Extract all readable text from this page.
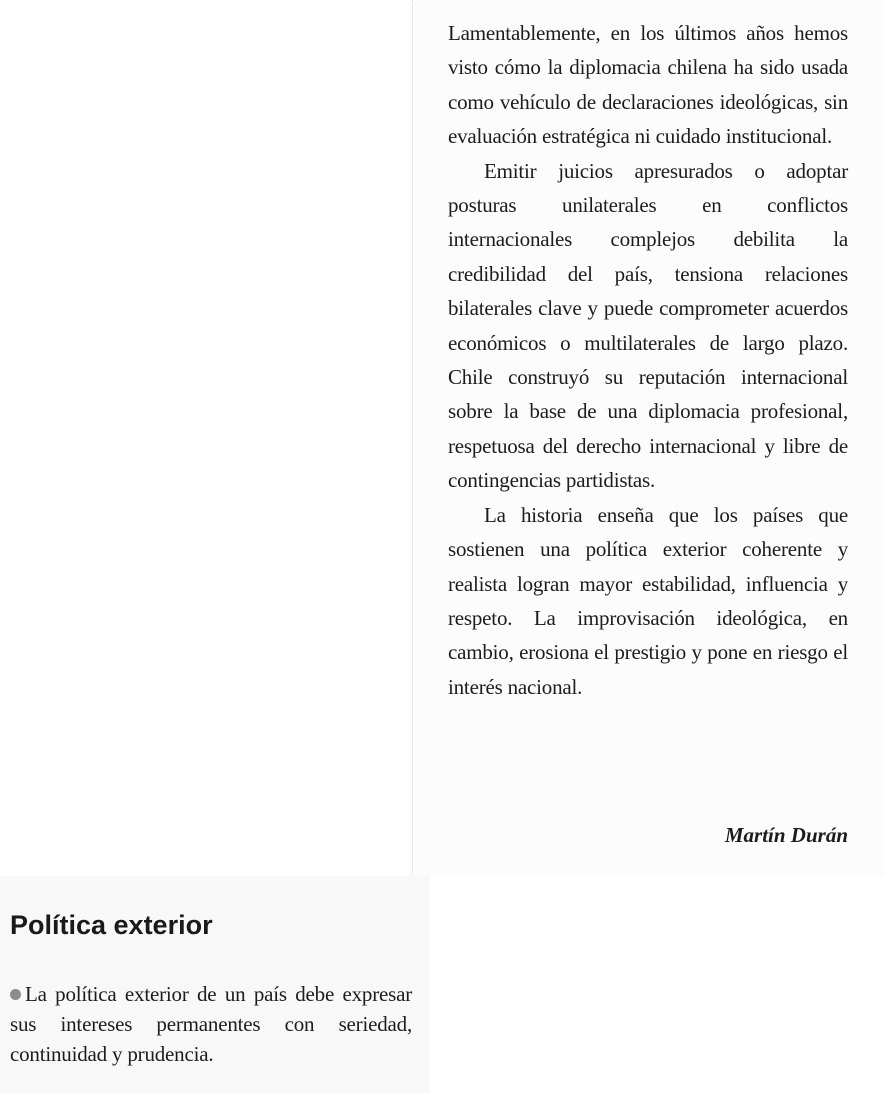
Lamentablemente, en los últimos años hemos visto cómo la diplomacia chilena ha sido usada como vehículo de declaraciones ideológicas, sin evaluación estratégica ni cuidado institucional.

Emitir juicios apresurados o adoptar posturas unilaterales en conflictos internacionales complejos debilita la credibilidad del país, tensiona relaciones bilaterales clave y puede comprometer acuerdos económicos o multilaterales de largo plazo. Chile construyó su reputación internacional sobre la base de una diplomacia profesional, respetuosa del derecho internacional y libre de contingencias partidistas.

La historia enseña que los países que sostienen una política exterior coherente y realista logran mayor estabilidad, influencia y respeto. La improvisación ideológica, en cambio, erosiona el prestigio y pone en riesgo el interés nacional.

Martín Durán
Política exterior

La política exterior de un país debe expresar sus intereses permanentes con seriedad, continuidad y prudencia.
